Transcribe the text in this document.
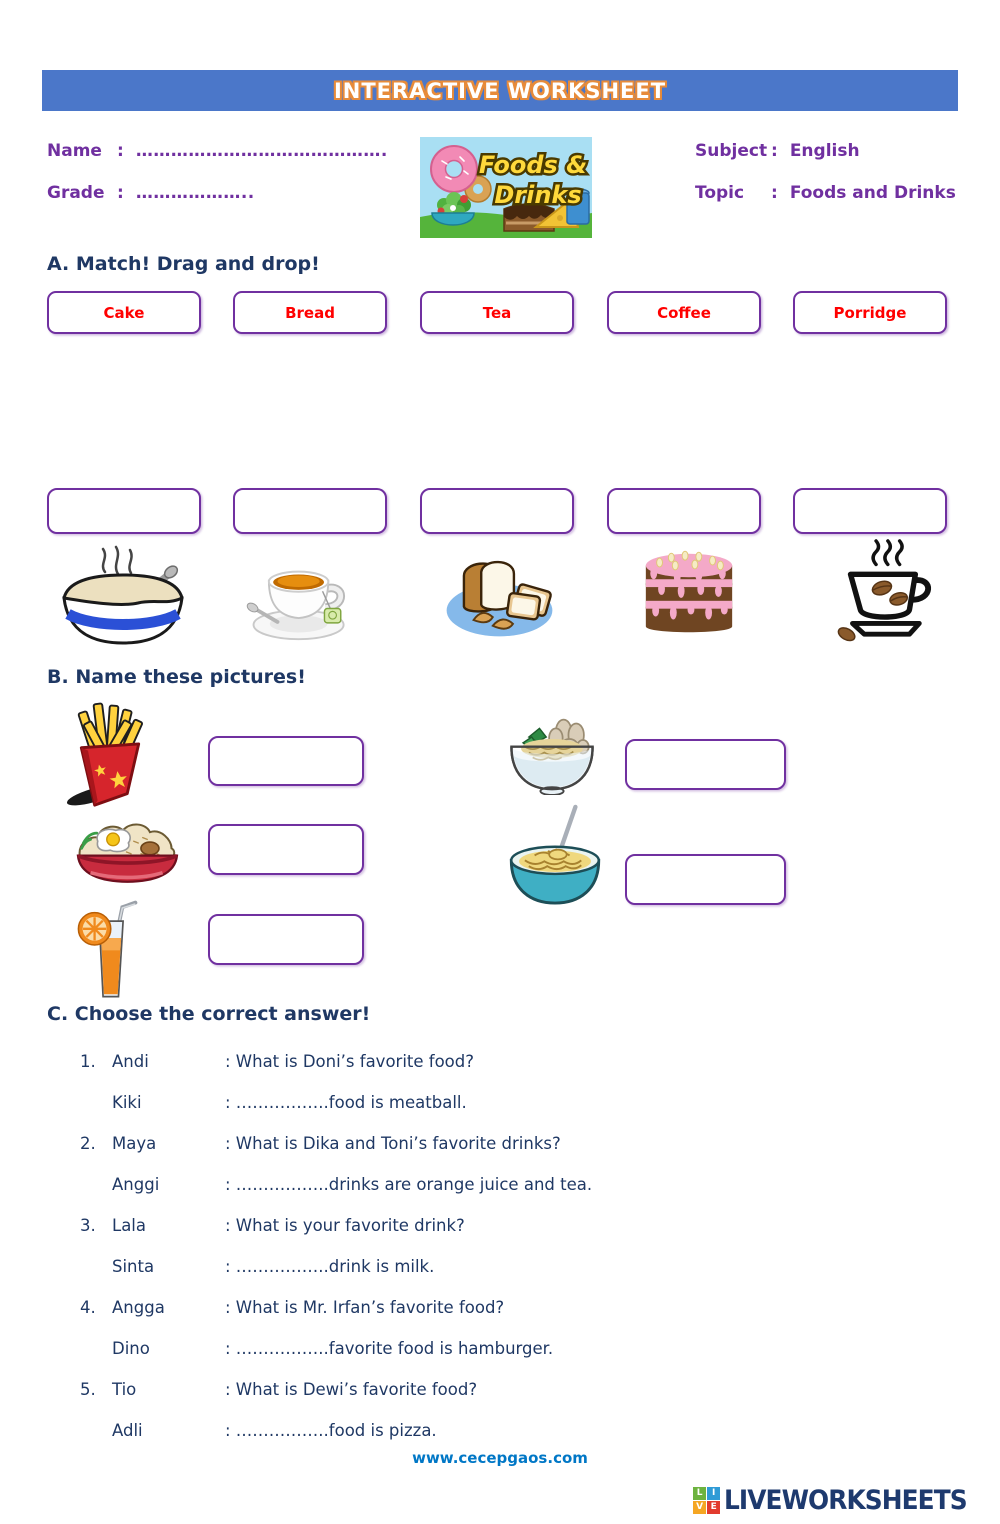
INTERACTIVE WORKSHEET
Name : …………………………………….
Grade : ………………..
Subject : English
Topic	: Foods and Drinks
Foods &
Drinks
A. Match! Drag and drop!
Cake	Bread	Tea	Coffee	Porridge
B. Name these pictures!
C. Choose the correct answer!
1. Andi	: What is Doni’s favorite food?
Kiki	: ……………..food is meatball.
2. Maya	: What is Dika and Toni’s favorite drinks?
Anggi	: ……………..drinks are orange juice and tea.
3. Lala	: What is your favorite drink?
Sinta	: ……………..drink is milk.
4. Angga	: What is Mr. Irfan’s favorite food?
Dino	: ……………..favorite food is hamburger.
5. Tio	: What is Dewi’s favorite food?
Adli	: ……………..food is pizza.
www.cecepgaos.com
L	I
V E LIVEWORKSHEETS
